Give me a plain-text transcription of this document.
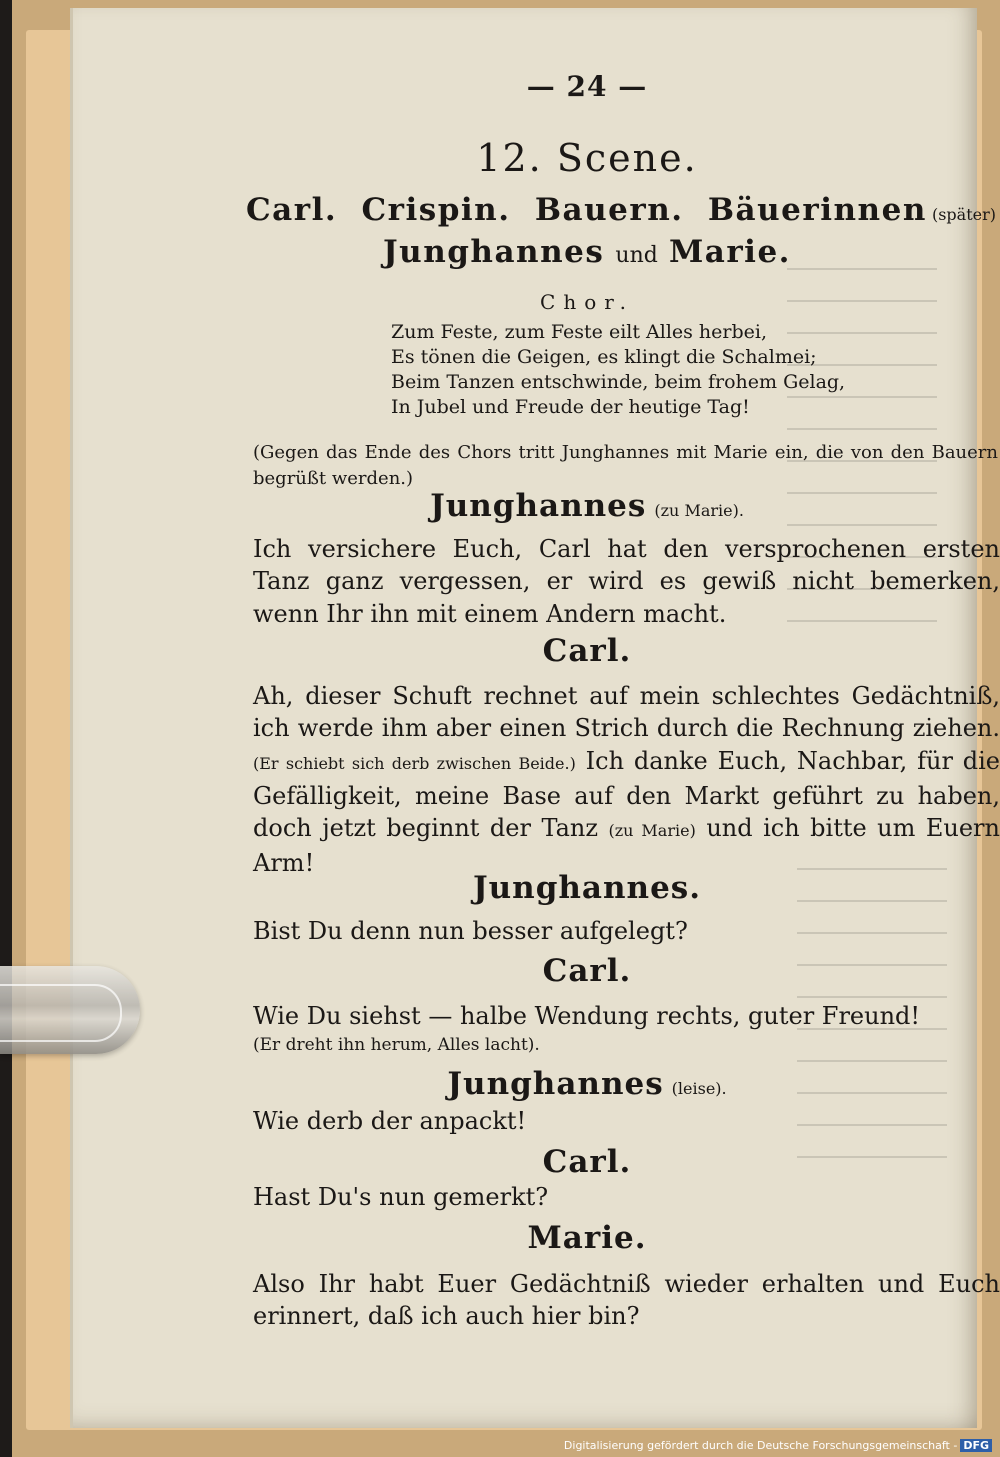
— 24 —
12. Scene.
Carl. Crispin. Bauern. Bäuerinnen (später)
Junghannes und Marie.
Chor.
Zum Feste, zum Feste eilt Alles herbei,
Es tönen die Geigen, es klingt die Schalmei;
Beim Tanzen entschwinde, beim frohem Gelag,
In Jubel und Freude der heutige Tag!
(Gegen das Ende des Chors tritt Junghannes mit Marie ein, die von den Bauern begrüßt werden.)
Junghannes (zu Marie).
Ich versichere Euch, Carl hat den versprochenen ersten Tanz ganz vergessen, er wird es gewiß nicht bemerken, wenn Ihr ihn mit einem Andern macht.
Carl.
Ah, dieser Schuft rechnet auf mein schlechtes Gedächtniß, ich werde ihm aber einen Strich durch die Rechnung ziehen. (Er schiebt sich derb zwischen Beide.) Ich danke Euch, Nachbar, für die Gefälligkeit, meine Base auf den Markt geführt zu haben, doch jetzt beginnt der Tanz (zu Marie) und ich bitte um Euern Arm!
Junghannes.
Bist Du denn nun besser aufgelegt?
Carl.
Wie Du siehst — halbe Wendung rechts, guter Freund!
(Er dreht ihn herum, Alles lacht).
Junghannes (leise).
Wie derb der anpackt!
Carl.
Hast Du's nun gemerkt?
Marie.
Also Ihr habt Euer Gedächtniß wieder erhalten und Euch erinnert, daß ich auch hier bin?
Digitalisierung gefördert durch die Deutsche Forschungsgemeinschaft - DFG
